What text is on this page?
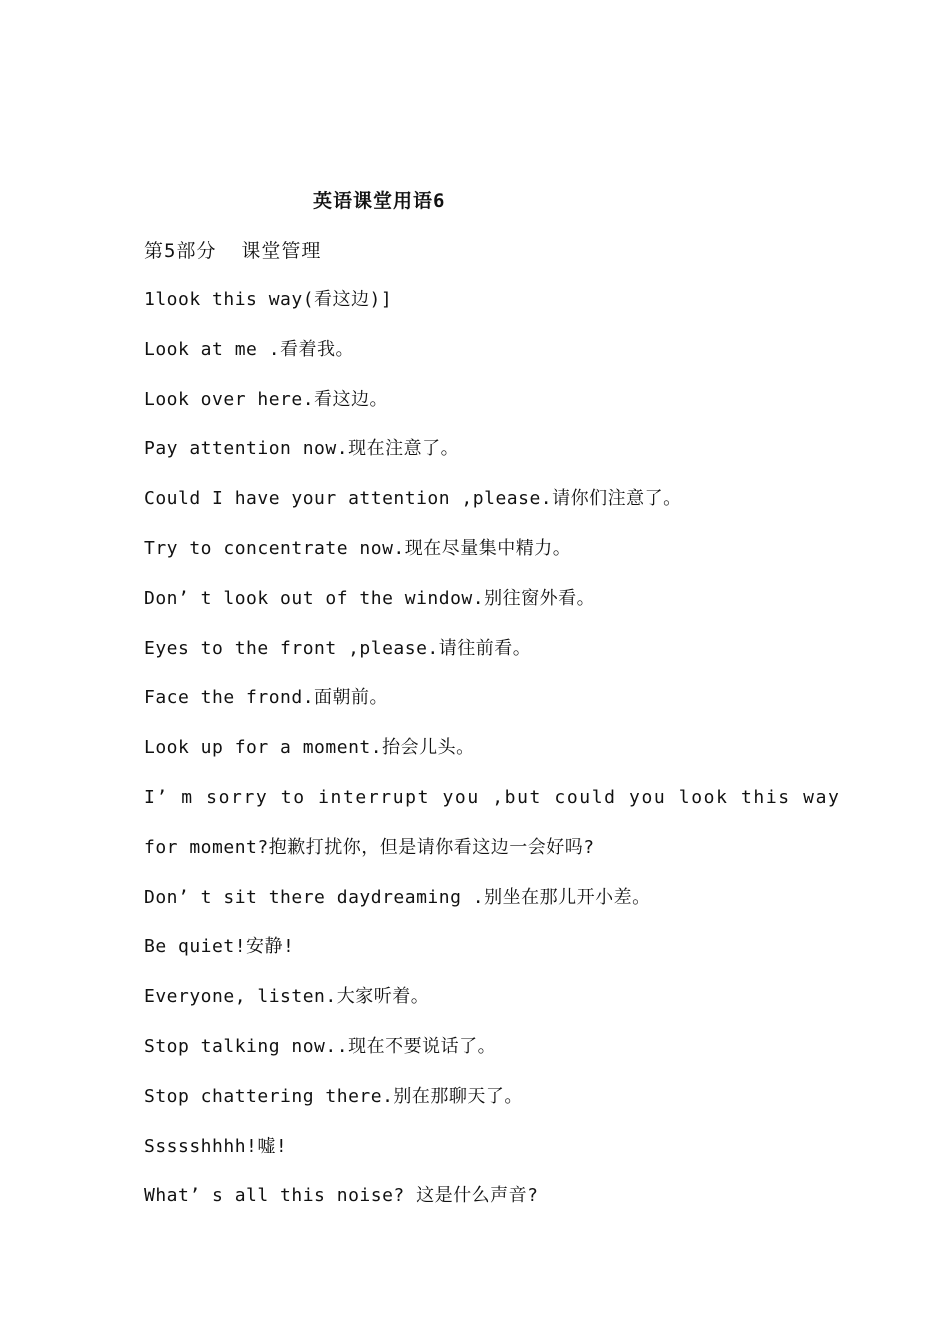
英语课堂用语6
第5部分  课堂管理
1look this way(看这边)]
Look at me .看着我。
Look over here.看这边。
Pay attention now.现在注意了。
Could I have your attention ,please.请你们注意了。
Try to concentrate now.现在尽量集中精力。
Don’ t look out of the window.别往窗外看。
Eyes to the front ,please.请往前看。
Face the frond.面朝前。
Look up for a moment.抬会儿头。
I’ m sorry to interrupt you ,but could you look this way
for moment?抱歉打扰你，但是请你看这边一会好吗?
Don’ t sit there daydreaming .别坐在那儿开小差。
Be quiet!安静!
Everyone, listen.大家听着。
Stop talking now..现在不要说话了。
Stop chattering there.别在那聊天了。
Ssssshhhh!嘘!
What’ s all this noise? 这是什么声音?
